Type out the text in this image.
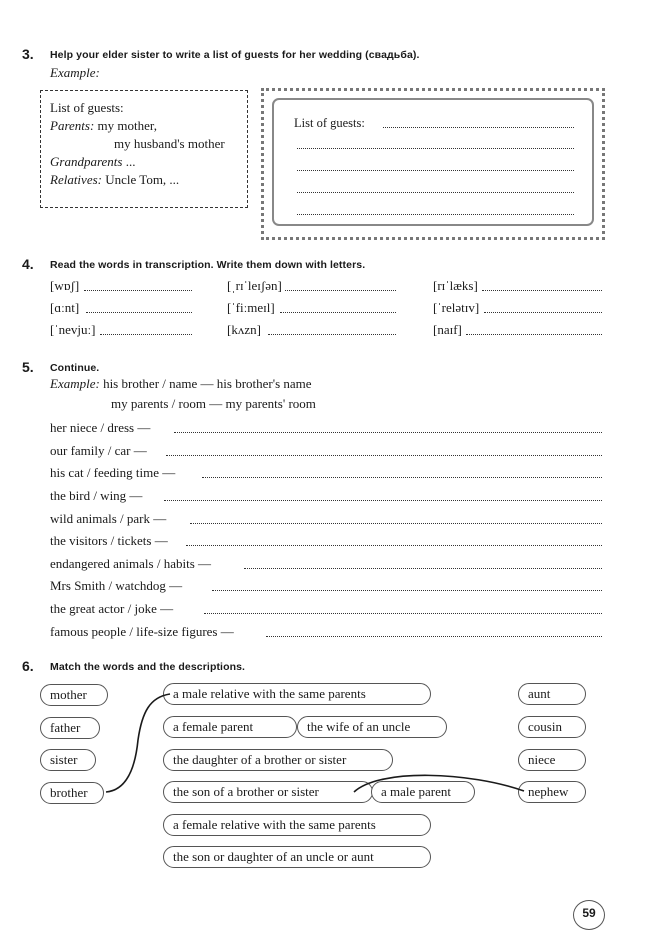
3. Help your elder sister to write a list of guests for her wedding (свадьба).
Example:
List of guests:
Parents: my mother,
my husband's mother
Grandparents ...
Relatives: Uncle Tom, ...
List of guests:
4. Read the words in transcription. Write them down with letters.
[wɒʃ]	[ˌrɪˈleɪʃən]	[rɪˈlæks]
[ɑːnt]	[ˈfiːmeɪl]	[ˈrelətɪv]
[ˈnevjuː]	[kʌzn]	[naɪf]
5. Continue.
Example: his brother / name — his brother's name
my parents / room — my parents' room
her niece / dress —
our family / car —
his cat / feeding time —
the bird / wing —
wild animals / park —
the visitors / tickets —
endangered animals / habits —
Mrs Smith / watchdog —
the great actor / joke —
famous people / life-size figures —
6. Match the words and the descriptions.
mother
father
sister
brother
a male relative with the same parents
a female parent	the wife of an uncle
the daughter of a brother or sister
the son of a brother or sister	a male parent
a female relative with the same parents
the son or daughter of an uncle or aunt
aunt
cousin
niece
nephew
59
